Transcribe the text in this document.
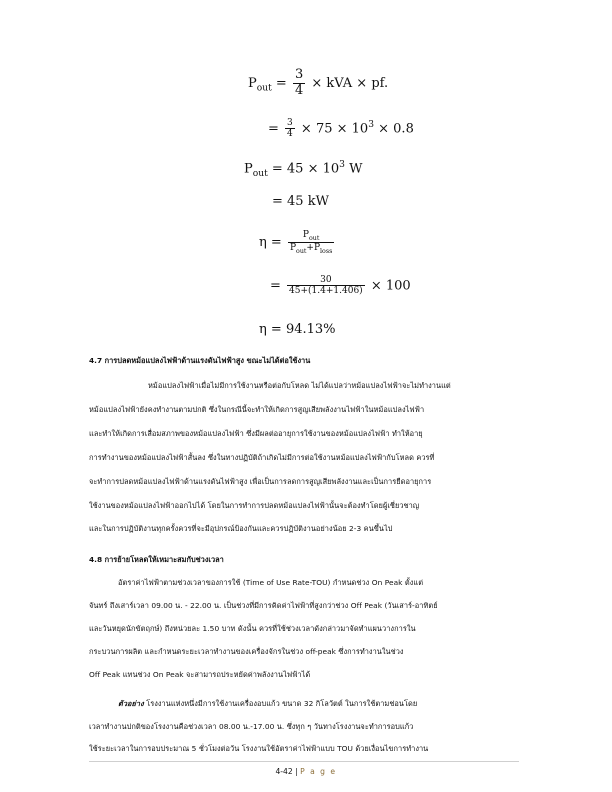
$P_{out} = \frac{3}{4}$ × kVA × pf.
= $\frac{3}{4} \times 75 \times 10^3 \times 0.8$
$P_{out} = 45 \times 10^3$ W
= 45 kW
$\eta = \frac{P_{out}}{P_{out}+P_{loss}}$
= $\frac{30}{45+(1.4+1.406)} \times 100$
η = 94.13%
4.7 การปลดหม้อแปลงไฟฟ้าด้านแรงดันไฟฟ้าสูง ขณะไม่ได้ต่อใช้งาน
หม้อแปลงไฟฟ้าเมื่อไม่มีการใช้งานหรือต่อกับโหลด ไม่ได้แปลว่าหม้อแปลงไฟฟ้าจะไม่ทำงานแต่
หม้อแปลงไฟฟ้ายังคงทำงานตามปกติ ซึ่งในกรณีนี้จะทำให้เกิดการสูญเสียพลังงานไฟฟ้าในหม้อแปลงไฟฟ้า
และทำให้เกิดการเสื่อมสภาพของหม้อแปลงไฟฟ้า ซึ่งมีผลต่ออายุการใช้งานของหม้อแปลงไฟฟ้า ทำให้อายุ
การทำงานของหม้อแปลงไฟฟ้าสั้นลง ซึ่งในทางปฏิบัติถ้าเกิดไม่มีการต่อใช้งานหม้อแปลงไฟฟ้ากับโหลด ควรที่
จะทำการปลดหม้อแปลงไฟฟ้าด้านแรงดันไฟฟ้าสูง เพื่อเป็นการลดการสูญเสียพลังงานและเป็นการยืดอายุการ
ใช้งานของหม้อแปลงไฟฟ้าออกไปได้ โดยในการทำการปลดหม้อแปลงไฟฟ้านั้นจะต้องทำโดยผู้เชี่ยวชาญ
และในการปฏิบัติงานทุกครั้งควรที่จะมีอุปกรณ์ป้องกันและควรปฏิบัติงานอย่างน้อย 2-3 คนขึ้นไป
4.8 การย้ายโหลดให้เหมาะสมกับช่วงเวลา
อัตราค่าไฟฟ้าตามช่วงเวลาของการใช้ (Time of Use Rate-TOU) กำหนดช่วง On Peak ตั้งแต่
จันทร์ ถึงเสาร์เวลา 09.00 น. - 22.00 น. เป็นช่วงที่มีการคิดค่าไฟฟ้าที่สูงกว่าช่วง Off Peak (วันเสาร์-อาทิตย์
และวันหยุดนักขัตฤกษ์) ถึงหน่วยละ 1.50 บาท ดังนั้น ควรที่ใช้ช่วงเวลาดังกล่าวมาจัดทำแผนวางการใน
กระบวนการผลิต และกำหนดระยะเวลาทำงานของเครื่องจักรในช่วง off-peak ซึ่งการทำงานในช่วง
Off Peak แทนช่วง On Peak จะสามารถประหยัดค่าพลังงานไฟฟ้าได้
ตัวอย่าง โรงงานแห่งหนึ่งมีการใช้งานเครื่องอบแก้ว ขนาด 32 กิโลวัตต์ ในการใช้ตามช่อนโดย
เวลาทำงานปกติของโรงงานคือช่วงเวลา 08.00 น.-17.00 น. ซึ่งทุก ๆ วันทางโรงงานจะทำการอบแก้ว
ใช้ระยะเวลาในการอบประมาณ 5 ชั่วโมงต่อวัน โรงงานใช้อัตราค่าไฟฟ้าแบบ TOU ด้วยเงื่อนไขการทำงาน
4-42 | P a g e
